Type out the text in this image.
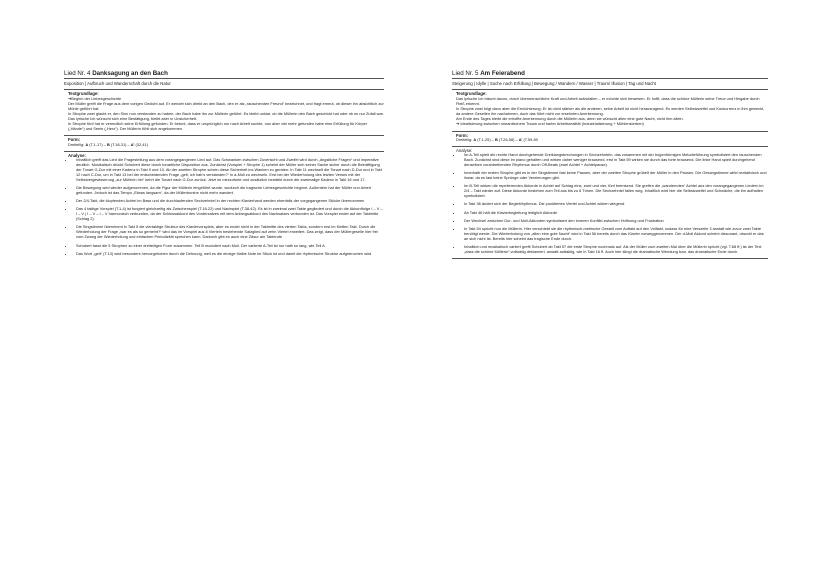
Lied Nr. 4 Danksagung an den Bach

Exposition | Aufbruch und Wanderschaft durch die Natur

Textgrundlage:

➔Beginn der Liebesgeschichte

Der Müller greift die Frage aus dem vorigen Gedicht auf. Er wendet sich direkt an den Bach, den er als „rauschenden Freund“ bezeichnet, und fragt erneut, ob dieser ihn absichtlich zur Mühle geführt hat.

In Strophe zwei glaubt er, den Sinn nun verstanden zu haben, der Bach habe ihn zur Müllerin geführt. Es bleibt unklar, ob die Müllerin den Bach geschickt hat oder ob es nur Zufall war. Das lyrische Ich wünscht sich eine Bestätigung, bleibt aber in Unsicherheit.

In Strophe fünf hat er vermutlich seine Erfüllung gefunden. Er betont, dass er ursprünglich nur nach Arbeit suchte, nun aber viel mehr gefunden habe eine Erfüllung für Körper („Hände“) und Seele („Herz“). Der Müllerin fühlt sich angekommen

Form:

Dreiteilig: A (T.1-17) – B (T.18-31) – A’ (32-41)

Analyse:

• Inhaltlich greift das Lied die Fragestellung aus dem vorangegangenen Lied auf. Das Schwanken zwischen Zuversicht und Zweifel wird durch „ängstliche Fragen“ und imperative deutlich. Musikalisch drückt Schubert diese durch tonartliche Disposition aus. Zunächst (Vorspiel + Strophe 1) scheint der Müller sich seiner Sache sicher durch die Bekräftigung der Tonart G-Dur mit einer Kadenz in Takt 9 und 10. Ab der zweiten Strophe schein diese Sicherheit ins Wanken zu geraten: In Takt 11 wechselt die Tonart nach D-Dur und in Takt 12 nach C-Dur, um in Takt 13 bei der entscheidenden Frage „gelt, ich hab's verstanden?“ in a-Moll zu wechseln. Erst bei der Wiederholung des letzten Verses mit der Selbstvergewisserung „zur Müllerin hin“ kehrt die Tonart nach G-Dur zurück. Jetzt im mezzoforte und zusätzlich bestärkt durch die zweimalige Kadenz in Takt 16 und 17.
• Die Bewegung wird wieder aufgenommen, da die Figur der Müllerin eingeführt wurde, wodurch die tragische Liebesgeschichte beginnt. Außerdem hat der Müller nun Arbeit gefunden. Jedoch ist das Tempo „Etwas langsam“, da der Müllerburshe nicht mehr wandert.
• Der 2/4-Takt, die klopfenden Achtel im Bass und die durchlaufenden Sechzehntel in der rechten Klavierhand werden ebenfalls der vorgegangenen Stücke übernommen
• Das 4 taktige Vorspiel (T.1-4) ist fungiert gleichzeitig als Zwischenspiel (T.18-22) und Nachspiel (T.38-42). Es ist in zweimal zwei Takte gegliedert und durch die Akkordfolge I – V – I – V | I – V – I – V harmonisch verbunden, da der Schlussakkord des Vordersatzes mit dem Anfangsakkord des Nachsatzes verbunden ist. Das Vorspiel endet auf der Taktmitte (Schlag 2).
• Die Singstimme übernimmt in Takt 5 die viertaktige Struktur des Klaviervorspiels, aber es endet nicht in der Taktmitte des vierten Takts, sondern erst im fünften Takt. Durch die Wiederholung der Frage „war es als so gemeint?“ wird das im Vorspiel aus 8 Vierteln bestehende Satzglied auf zehn Viertel erweitert. Das zeigt, dass der Müllergeselle hier frei vom Zwang der Wiederholung und einfachen Periodizität sprechen kann. Dadurch gibt es auch eine Zäsur am Taktende
• Schubert fasst die 5 Strophen zu einer dreiteiligen Form zusammen. Teil B moduliert nach Moll. Der variierte A-Teil ist nur halb so lang, wie Teil A
• Das Wort „gelt“ (T.13) wird besonders hervorgehoben durch die Dehnung, weil es die einzige Halbe Note im Stück ist und damit die rhythmische Struktur aufgebrochen wird

Lied Nr. 5 Am Feierabend

Steigerung | Idylle | Suche nach Erfüllung | Bewegung / Wandern / Wasser | Traum/ Illusion | Tag und Nacht

Textgrundlage:

Das lyrische Ich träumt davon, durch übermenschliche Kraft und Arbeit aufzufallen – er möchte sich beweisen. Er hofft, dass die schöne Müllerin seine Treue und Hingabe durch Fleiß erkennt.

In Strophe zwei folgt dann aber die Ernüchterung: Er ist nicht stärker als die anderen, seine Arbeit ist nicht herausragend. Es werden Selbstzweifel und Konkurrenz in ihm geweckt, da andere Gesellen ihn nachahmen, doch das führt nicht zur ersehnten Anerkennung.

Am Ende des Tages bleibt die erhoffte Anerkennung durch die Müllerin aus, denn sie wünscht allen eine gute Nacht, nicht ihm allein.

➔ Idealisierung zwischen romantischem Traum und harter Arbeitsrealität (Industrialisierung + Mühlensterben)

Form:

Dreiteilig: A (T.1-25) – B (T.26-58) – A’ (T.59-89

Analyse:

• Im A-Teil spielt die rechte Hand durchgehende Dreiklangsbrechungen in Sechzehnteln, das zusammen mit der bogenförmigen Melodieführung symbolisiert den rauschenden Bach. Zunächst sind diese im piano gehalten und wirken daher weniger brausend, erst in Takt 59 wirken sie durch das forte brausend. Die linke Hand spielt durchgehend denselben vorantreibenden Rhythmus durch Off-Beats (zwei Achtel + Achtelpause).
• Innerhalb der ersten Strophe gibt es in der Singstimme fast keine Pausen, aber der zweiten Strophe grübelt der Müller in den Pausen. Die Gesangstimme wirkt rezitativisch und linear, da es fast keine Sprünge oder Verzierungen gibt.
• Im B-Teil wirken die repetierenden Akkorde in Achtel auf Schlag eins, zwei und vier, fünf bremsend. Sie greifen die „wandernden“ Achtel aus den vorangegangenen Liedern im 2/4 – Takt wieder auf. Diese Akkorde bestehen zum Teil aus bis zu 6 Tönen. Die Sechzehntel fallen weg. Inhaltlich wird hier die Selbstzweifel und Schwäche, die ihn aufhalten symbolisiert.
• In Takt 36 ändert sich der Begleitrhythmus. Die punktierten Viertel und Achtel wirken wiegend.
• Ab Takt 46 hält die Klavierbegleitung lediglich Akkorde
• Der Wechsel zwischen Dur- und Moll-Akkorden symbolisiert den inneren Konflikt zwischen Hoffnung und Frustration
• In Takt 54 spricht nun die Müllerin. Hier verschiebt sie die rhythmisch-metrische Gestalt vom Auftakt auf den Volltakt, sodass für eine Verszeile 3 anstatt wie zuvor zwei Takte benötigt werde. Die Wiederholung von „allen eine gute Nacht“ wird in Takt 56 bereits durch das Klavier vorweggenommen. Der d-Moll Akkord scheint dissonant, obwohl er das an sich nicht ist. Bereits hier scheint das tragische Ende durch.
• Inhaltlich und musikalisch variiert greift Schubert ab Takt 57 die erste Strophe nochmals auf. Als der Müller zum zweiten Mal über die Müllerin spricht (vgl. T.68 ff.) ist der Text „dass die schöne Müllerin“ volltaktig deklamiert, anstatt auftaktig, wie in Takt 16 ff. Auch hier klingt die dramatische Wendung bzw. das dramatische Ende durch.
